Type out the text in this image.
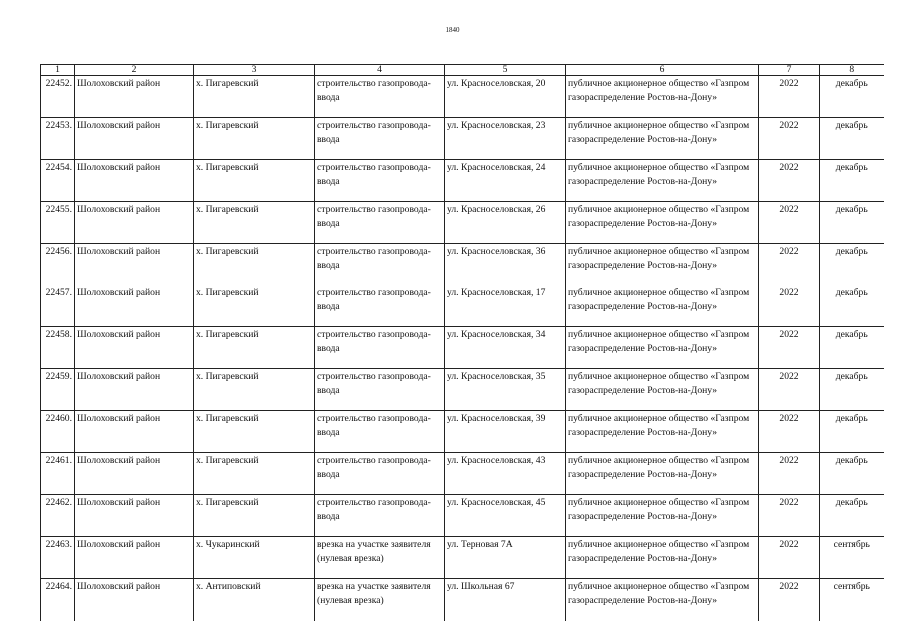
1840
1	2	3	4	5	6	7	8
22452.	Шолоховский район	х. Пигаревский	строительство газопровода-ввода	ул. Красноселовская, 20	публичное акционерное общество «Газпром газораспределение Ростов-на-Дону»	2022	декабрь
22453.	Шолоховский район	х. Пигаревский	строительство газопровода-ввода	ул. Красноселовская, 23	публичное акционерное общество «Газпром газораспределение Ростов-на-Дону»	2022	декабрь
22454.	Шолоховский район	х. Пигаревский	строительство газопровода-ввода	ул. Красноселовская, 24	публичное акционерное общество «Газпром газораспределение Ростов-на-Дону»	2022	декабрь
22455.	Шолоховский район	х. Пигаревский	строительство газопровода-ввода	ул. Красноселовская, 26	публичное акционерное общество «Газпром газораспределение Ростов-на-Дону»	2022	декабрь
22456.	Шолоховский район	х. Пигаревский	строительство газопровода-ввода	ул. Красноселовская, 36	публичное акционерное общество «Газпром газораспределение Ростов-на-Дону»	2022	декабрь
22457.	Шолоховский район	х. Пигаревский	строительство газопровода-ввода	ул. Красноселовская, 17	публичное акционерное общество «Газпром газораспределение Ростов-на-Дону»	2022	декабрь
22458.	Шолоховский район	х. Пигаревский	строительство газопровода-ввода	ул. Красноселовская, 34	публичное акционерное общество «Газпром газораспределение Ростов-на-Дону»	2022	декабрь
22459.	Шолоховский район	х. Пигаревский	строительство газопровода-ввода	ул. Красноселовская, 35	публичное акционерное общество «Газпром газораспределение Ростов-на-Дону»	2022	декабрь
22460.	Шолоховский район	х. Пигаревский	строительство газопровода-ввода	ул. Красноселовская, 39	публичное акционерное общество «Газпром газораспределение Ростов-на-Дону»	2022	декабрь
22461.	Шолоховский район	х. Пигаревский	строительство газопровода-ввода	ул. Красноселовская, 43	публичное акционерное общество «Газпром газораспределение Ростов-на-Дону»	2022	декабрь
22462.	Шолоховский район	х. Пигаревский	строительство газопровода-ввода	ул. Красноселовская, 45	публичное акционерное общество «Газпром газораспределение Ростов-на-Дону»	2022	декабрь
22463.	Шолоховский район	х. Чукаринский	врезка на участке заявителя (нулевая врезка)	ул. Терновая 7А	публичное акционерное общество «Газпром газораспределение Ростов-на-Дону»	2022	сентябрь
22464.	Шолоховский район	х. Антиповский	врезка на участке заявителя (нулевая врезка)	ул. Школьная 67	публичное акционерное общество «Газпром газораспределение Ростов-на-Дону»	2022	сентябрь
